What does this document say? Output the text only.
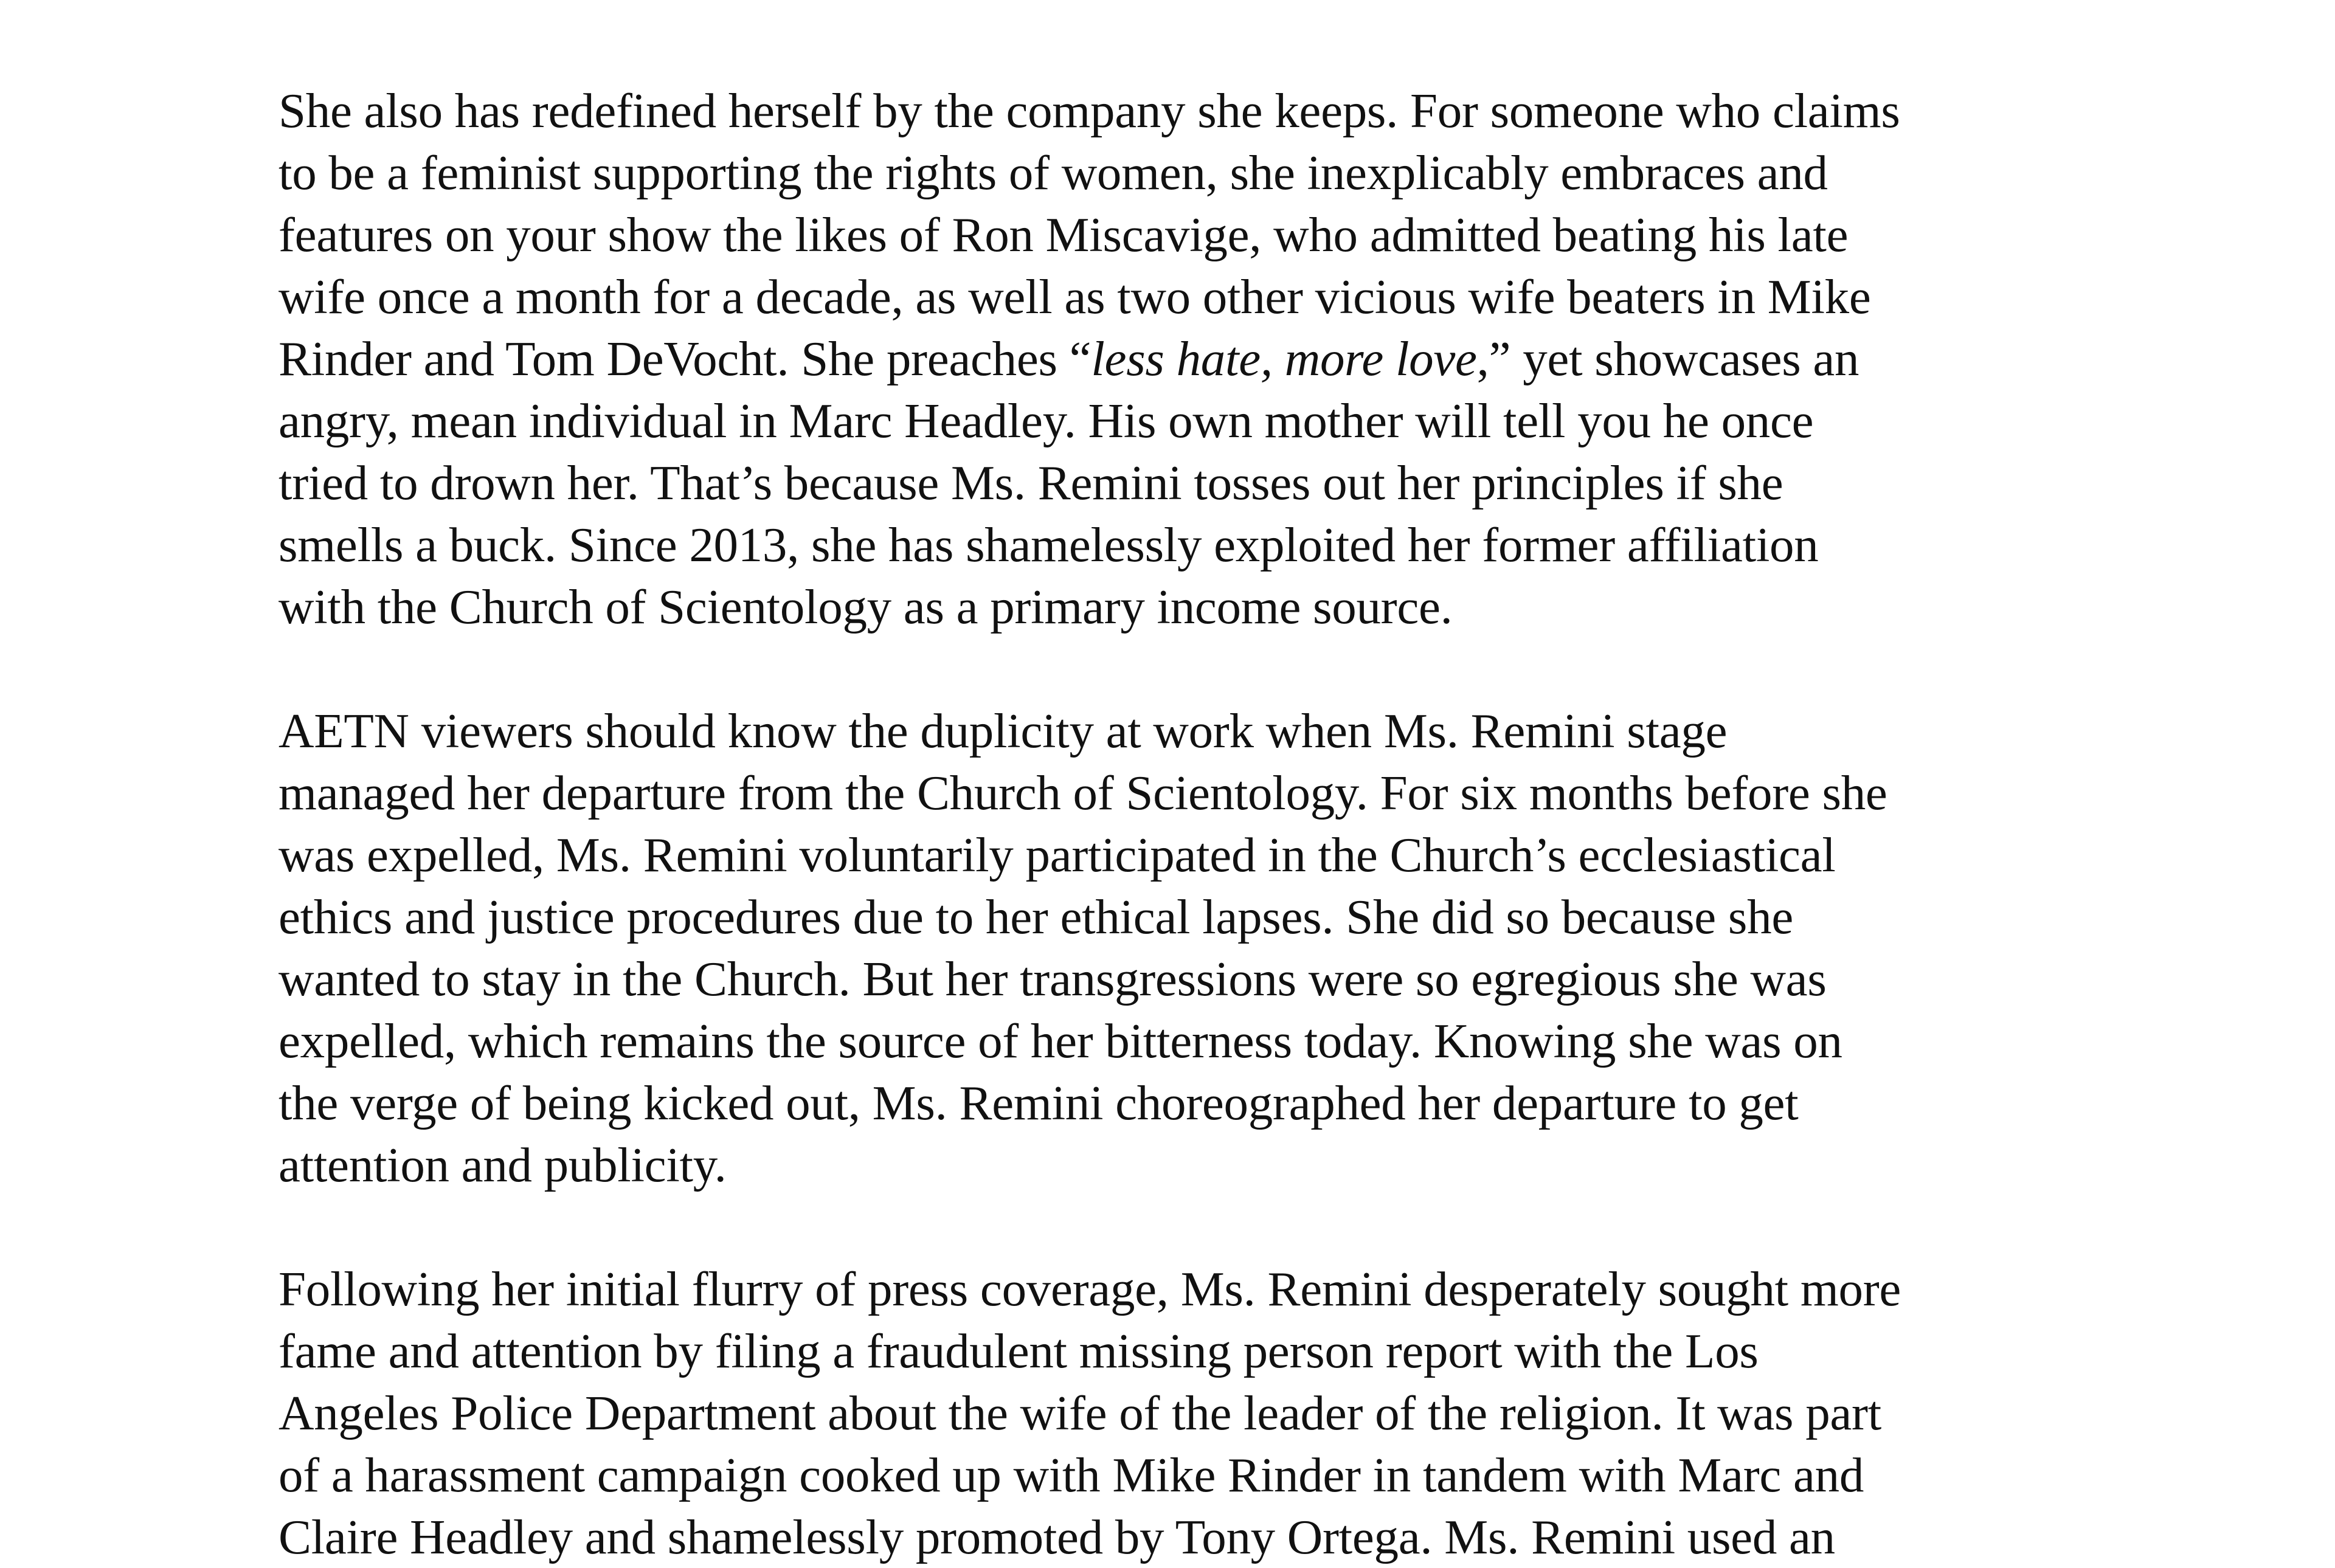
She also has redefined herself by the company she keeps. For someone who claims
to be a feminist supporting the rights of women, she inexplicably embraces and
features on your show the likes of Ron Miscavige, who admitted beating his late
wife once a month for a decade, as well as two other vicious wife beaters in Mike
Rinder and Tom DeVocht. She preaches “less hate, more love,” yet showcases an
angry, mean individual in Marc Headley. His own mother will tell you he once
tried to drown her. That’s because Ms. Remini tosses out her principles if she
smells a buck. Since 2013, she has shamelessly exploited her former affiliation
with the Church of Scientology as a primary income source.
AETN viewers should know the duplicity at work when Ms. Remini stage
managed her departure from the Church of Scientology. For six months before she
was expelled, Ms. Remini voluntarily participated in the Church’s ecclesiastical
ethics and justice procedures due to her ethical lapses. She did so because she
wanted to stay in the Church. But her transgressions were so egregious she was
expelled, which remains the source of her bitterness today. Knowing she was on
the verge of being kicked out, Ms. Remini choreographed her departure to get
attention and publicity.
Following her initial flurry of press coverage, Ms. Remini desperately sought more
fame and attention by filing a fraudulent missing person report with the Los
Angeles Police Department about the wife of the leader of the religion. It was part
of a harassment campaign cooked up with Mike Rinder in tandem with Marc and
Claire Headley and shamelessly promoted by Tony Ortega. Ms. Remini used an
